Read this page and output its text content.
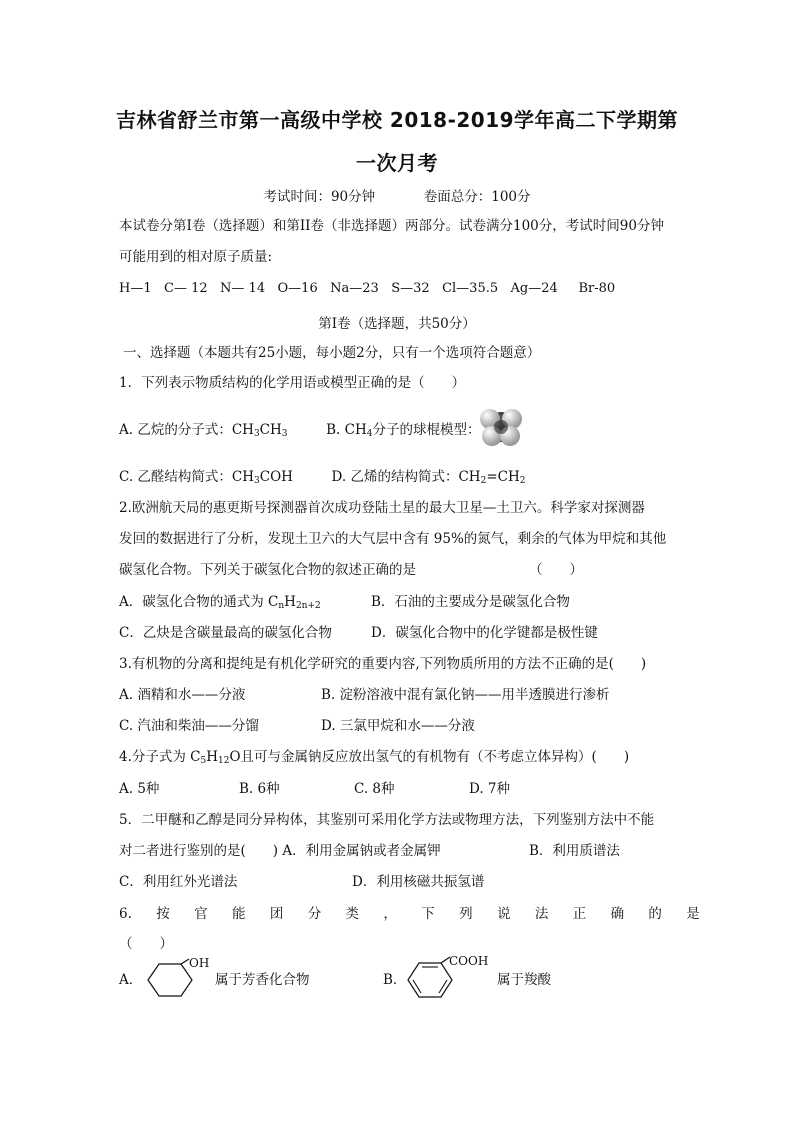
吉林省舒兰市第一高级中学校 2018-2019学年高二下学期第
一次月考
考试时间：90分钟	卷面总分：100分
本试卷分第I卷（选择题）和第II卷（非选择题）两部分。试卷满分100分，考试时间90分钟
可能用到的相对原子质量:
H—1 C— 12 N— 14 O—16 Na—23 S—32 Cl—35.5 Ag—24 Br-80
第I卷（选择题，共50分）
一、选择题（本题共有25小题，每小题2分，只有一个选项符合题意）
1．下列表示物质结构的化学用语或模型正确的是（　　）
A. 乙烷的分子式：$CH_3CH_3$	B. $CH_4$分子的球棍模型：
C. 乙醛结构简式：$CH_3COH$	D. 乙烯的结构简式：$CH_2=CH_2$
2.欧洲航天局的惠更斯号探测器首次成功登陆土星的最大卫星—土卫六。科学家对探测器
发回的数据进行了分析，发现土卫六的大气层中含有 95%的氮气，剩余的气体为甲烷和其他
碳氢化合物。下列关于碳氢化合物的叙述正确的是	（　　）
A．碳氢化合物的通式为 $C_nH_{2n+2}$	B．石油的主要成分是碳氢化合物
C．乙炔是含碳量最高的碳氢化合物	D．碳氢化合物中的化学键都是极性键
3.有机物的分离和提纯是有机化学研究的重要内容,下列物质所用的方法不正确的是(　　)
A. 酒精和水——分液	B. 淀粉溶液中混有氯化钠——用半透膜进行渗析
C. 汽油和柴油——分馏	D. 三氯甲烷和水——分液
4.分子式为 $C_5H_{12}O$且可与金属钠反应放出氢气的有机物有（不考虑立体异构）(　　)
A. 5种	B. 6种	C. 8种	D. 7种
5．二甲醚和乙醇是同分异构体，其鉴别可采用化学方法或物理方法，下列鉴别方法中不能
对二者进行鉴别的是(　　) A．利用金属钠或者金属钾	B．利用质谱法
C．利用红外光谱法	D．利用核磁共振氢谱
6. 按 官 能 团 分 类 ， 下 列 说 法 正 确 的 是
（　　）
A．
OH
属于芳香化合物	B．
COOH
属于羧酸
